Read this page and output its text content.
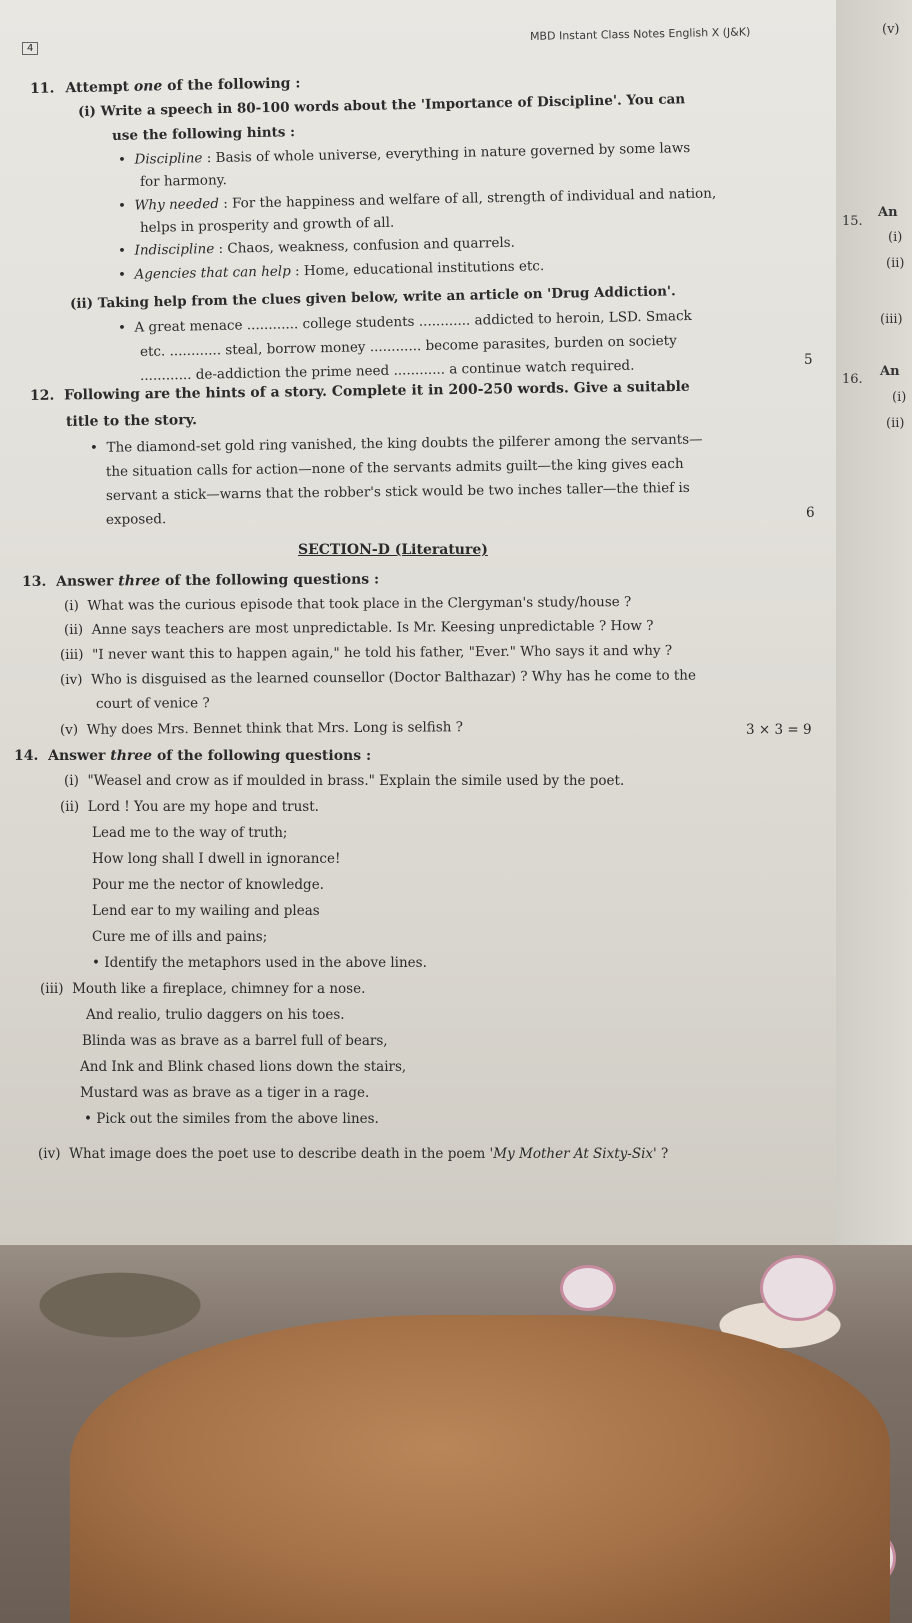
4
MBD Instant Class Notes English X (J&K)
11. Attempt one of the following :
(i) Write a speech in 80-100 words about the 'Importance of Discipline'. You can
use the following hints :
•  Discipline : Basis of whole universe, everything in nature governed by some laws
for harmony.
•  Why needed : For the happiness and welfare of all, strength of individual and nation,
helps in prosperity and growth of all.
•  Indiscipline : Chaos, weakness, confusion and quarrels.
•  Agencies that can help : Home, educational institutions etc.
(ii) Taking help from the clues given below, write an article on 'Drug Addiction'.
•  A great menace ............ college students ............ addicted to heroin, LSD. Smack
etc. ............ steal, borrow money ............ become parasites, burden on society
............ de-addiction the prime need ............ a continue watch required.	5
12. Following are the hints of a story. Complete it in 200-250 words. Give a suitable
title to the story.
•  The diamond-set gold ring vanished, the king doubts the pilferer among the servants—
the situation calls for action—none of the servants admits guilt—the king gives each
servant a stick—warns that the robber's stick would be two inches taller—the thief is
exposed.	6
SECTION-D (Literature)
13. Answer three of the following questions :
(i) What was the curious episode that took place in the Clergyman's study/house ?
(ii) Anne says teachers are most unpredictable. Is Mr. Keesing unpredictable ? How ?
(iii) "I never want this to happen again," he told his father, "Ever." Who says it and why ?
(iv) Who is disguised as the learned counsellor (Doctor Balthazar) ? Why has he come to the
court of venice ?
(v) Why does Mrs. Bennet think that Mrs. Long is selfish ?	3 × 3 = 9
14. Answer three of the following questions :
(i) "Weasel and crow as if moulded in brass." Explain the simile used by the poet.
(ii) Lord ! You are my hope and trust.
Lead me to the way of truth;
How long shall I dwell in ignorance!
Pour me the nector of knowledge.
Lend ear to my wailing and pleas
Cure me of ills and pains;
• Identify the metaphors used in the above lines.
(iii) Mouth like a fireplace, chimney for a nose.
And realio, trulio daggers on his toes.
Blinda was as brave as a barrel full of bears,
And Ink and Blink chased lions down the stairs,
Mustard was as brave as a tiger in a rage.
• Pick out the similes from the above lines.
(iv) What image does the poet use to describe death in the poem 'My Mother At Sixty-Six' ?
(v)
15.
An
(i)
(ii)
(iii)
16.
An
(i)
(ii)
